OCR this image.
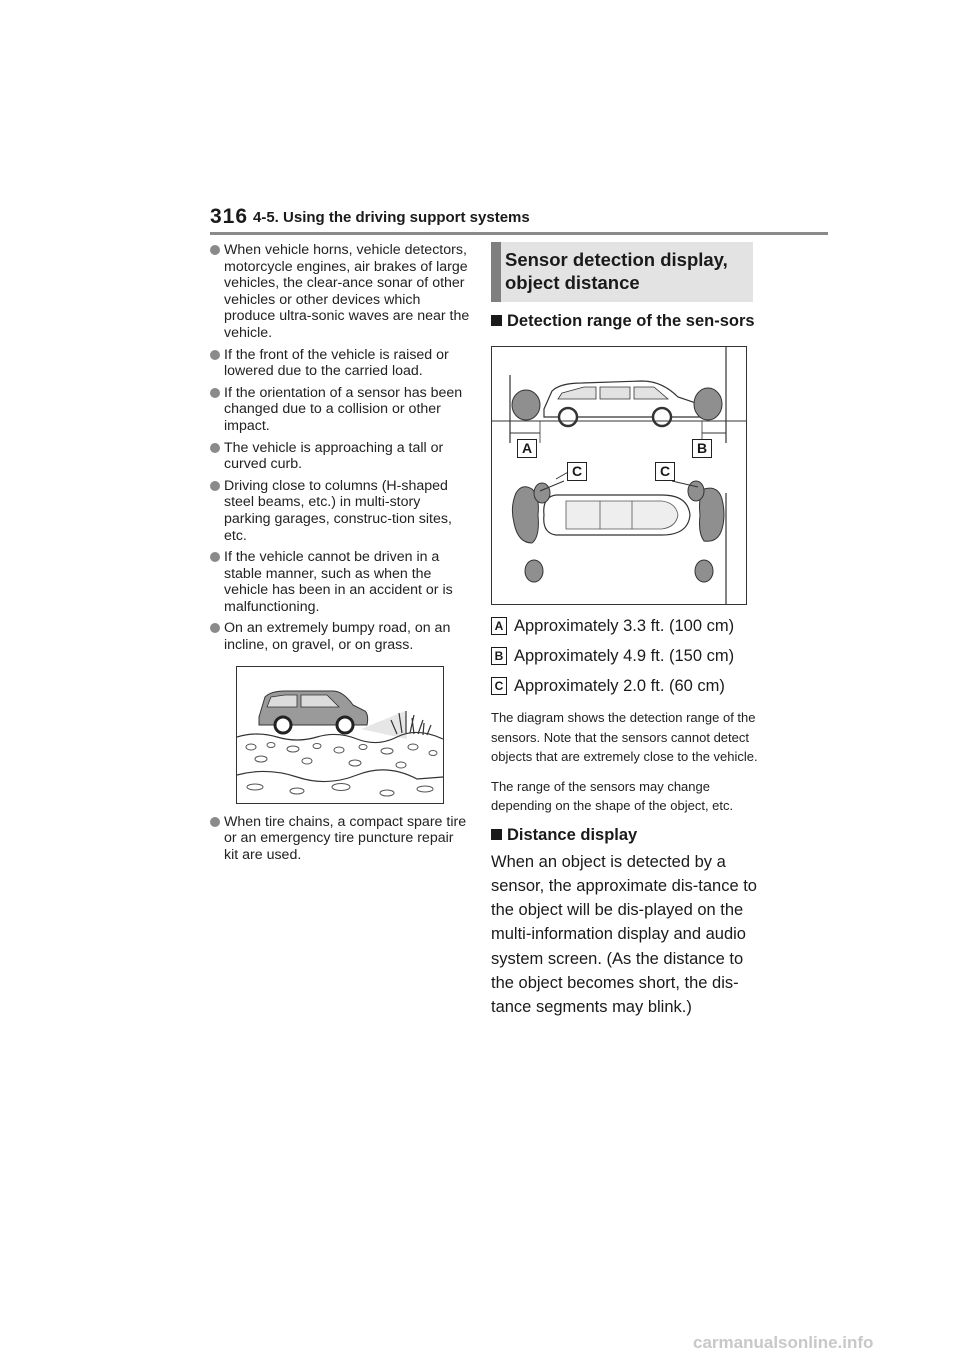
316 4-5. Using the driving support systems
When vehicle horns, vehicle detectors, motorcycle engines, air brakes of large vehicles, the clear-ance sonar of other vehicles or other devices which produce ultra-sonic waves are near the vehicle.
If the front of the vehicle is raised or lowered due to the carried load.
If the orientation of a sensor has been changed due to a collision or other impact.
The vehicle is approaching a tall or curved curb.
Driving close to columns (H-shaped steel beams, etc.) in multi-story parking garages, construc-tion sites, etc.
If the vehicle cannot be driven in a stable manner, such as when the vehicle has been in an accident or is malfunctioning.
On an extremely bumpy road, on an incline, on gravel, or on grass.
When tire chains, a compact spare tire or an emergency tire puncture repair kit are used.
Sensor detection display, object distance
Detection range of the sen-sors
A	B
C	C
A Approximately 3.3 ft. (100 cm)
B Approximately 4.9 ft. (150 cm)
C Approximately 2.0 ft. (60 cm)
The diagram shows the detection range of the sensors. Note that the sensors cannot detect objects that are extremely close to the vehicle.
The range of the sensors may change depending on the shape of the object, etc.
Distance display
When an object is detected by a sensor, the approximate dis-tance to the object will be dis-played on the multi-information display and audio system screen. (As the distance to the object becomes short, the dis-tance segments may blink.)
carmanualsonline.info
